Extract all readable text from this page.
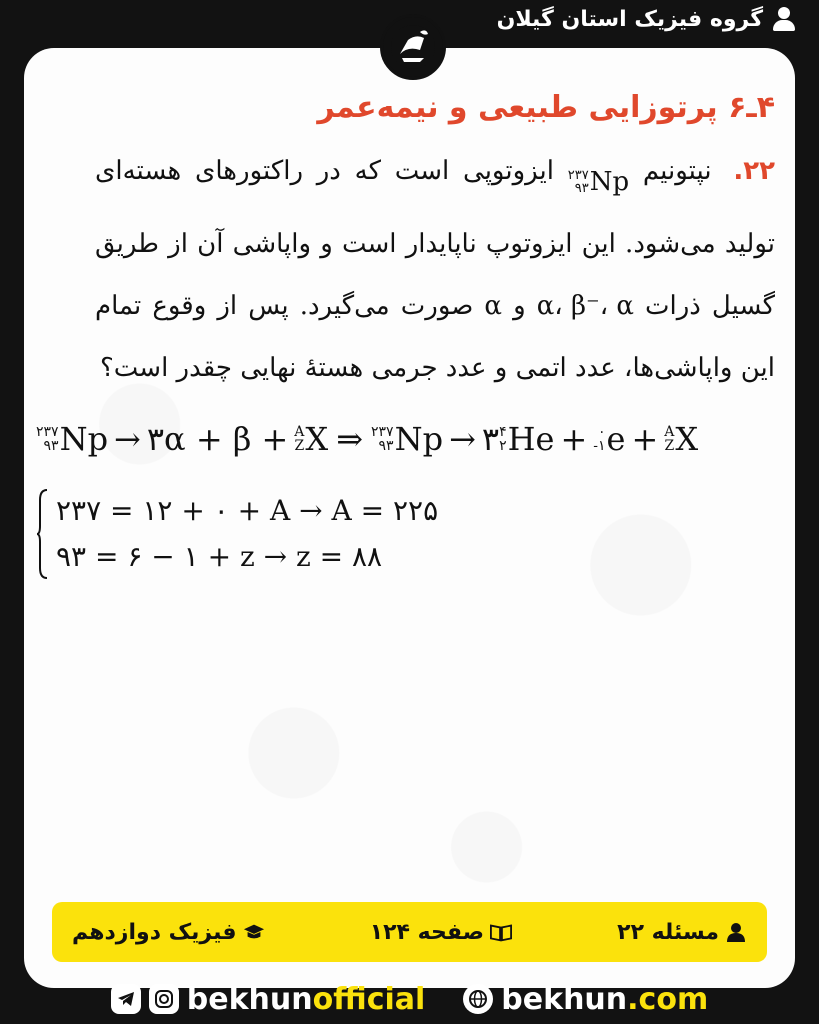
گروه فیزیک استان گیلان
۴ـ۶ پرتوزایی طبیعی و نیمه‌عمر
۲۲. نپتونیم
۲۳۷
۹۳ Np
ایزوتوپی است که در راکتورهای هسته‌ای تولید می‌شود. این ایزوتوپ ناپایدار است و واپاشی آن از طریق گسیل ذرات α، β⁻، α و α صورت می‌گیرد. پس از وقوع تمام این واپاشی‌ها، عدد اتمی و عدد جرمی هستهٔ نهایی چقدر است؟
۲۳۷
۹۳ Np → ۳α + β + A
Z X ⇒ ۲۳۷
۹۳ Np → ۳ ۴
۲ He + ۰
-۱ e + A
Z X
۲۳۷ = ۱۲ + ۰ + A → A = ۲۲۵
۹۳ = ۶ − ۱ + z → z = ۸۸
مسئله ۲۲
صفحه ۱۲۴
فیزیک دوازدهم
bekhunofficial	bekhun.com
